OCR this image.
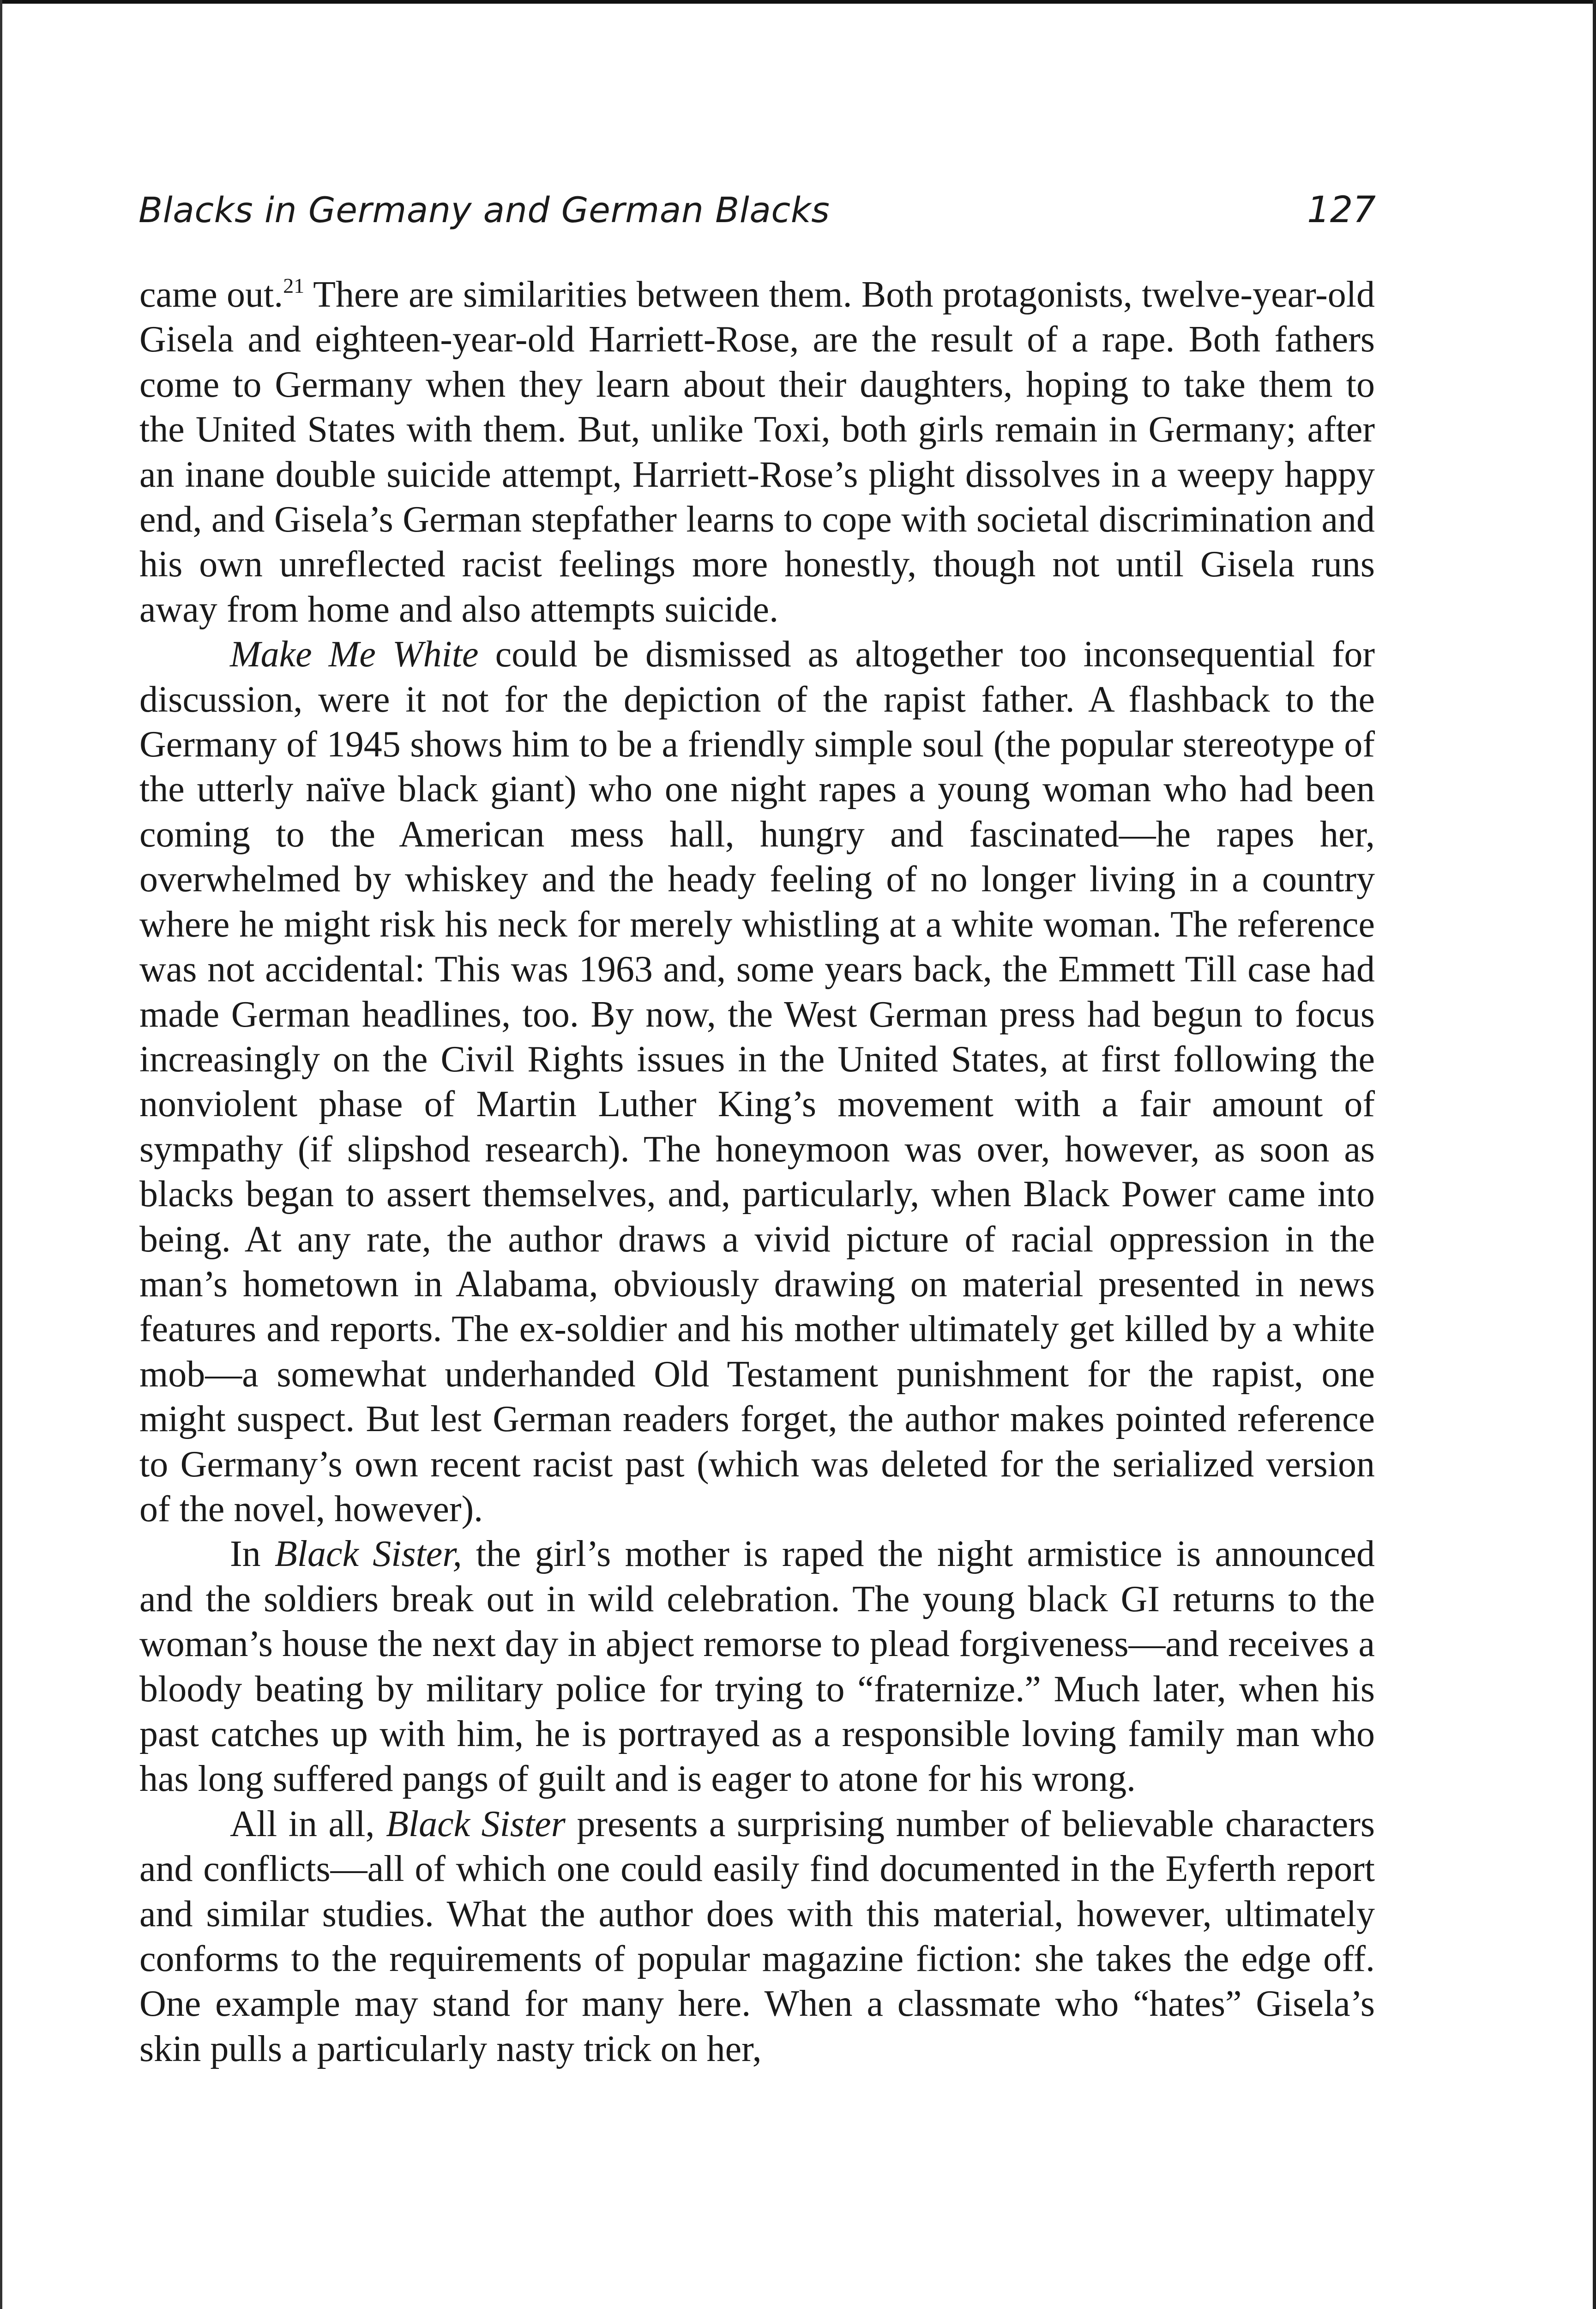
Blacks in Germany and German Blacks	127

came out.$^{21}$ There are similarities between them. Both protagonists, twelve-year-old Gisela and eighteen-year-old Harriett-Rose, are the result of a rape. Both fathers come to Germany when they learn about their daughters, hoping to take them to the United States with them. But, unlike Toxi, both girls remain in Germany; after an inane double suicide attempt, Harriett-Rose’s plight dissolves in a weepy happy end, and Gisela’s German stepfather learns to cope with societal discrimination and his own unreflected racist feelings more honestly, though not until Gisela runs away from home and also attempts suicide.

Make Me White could be dismissed as altogether too inconsequential for discussion, were it not for the depiction of the rapist father. A flashback to the Germany of 1945 shows him to be a friendly simple soul (the popular stereotype of the utterly naïve black giant) who one night rapes a young woman who had been coming to the American mess hall, hungry and fascinated—he rapes her, overwhelmed by whiskey and the heady feeling of no longer living in a country where he might risk his neck for merely whistling at a white woman. The reference was not accidental: This was 1963 and, some years back, the Emmett Till case had made German headlines, too. By now, the West German press had begun to focus increasingly on the Civil Rights issues in the United States, at first following the nonviolent phase of Martin Luther King’s movement with a fair amount of sympathy (if slipshod research). The honeymoon was over, however, as soon as blacks began to assert themselves, and, particularly, when Black Power came into being. At any rate, the author draws a vivid picture of racial oppression in the man’s hometown in Alabama, obviously drawing on material presented in news features and reports. The ex-soldier and his mother ultimately get killed by a white mob—a somewhat underhanded Old Testament punishment for the rapist, one might suspect. But lest German readers forget, the author makes pointed reference to Germany’s own recent racist past (which was deleted for the serialized version of the novel, however).

In Black Sister, the girl’s mother is raped the night armistice is announced and the soldiers break out in wild celebration. The young black GI returns to the woman’s house the next day in abject remorse to plead forgiveness—and receives a bloody beating by military police for trying to “fraternize.” Much later, when his past catches up with him, he is portrayed as a responsible loving family man who has long suffered pangs of guilt and is eager to atone for his wrong.

All in all, Black Sister presents a surprising number of believable characters and conflicts—all of which one could easily find documented in the Eyferth report and similar studies. What the author does with this material, however, ultimately conforms to the requirements of popular magazine fiction: she takes the edge off. One example may stand for many here. When a classmate who “hates” Gisela’s skin pulls a particularly nasty trick on her,
